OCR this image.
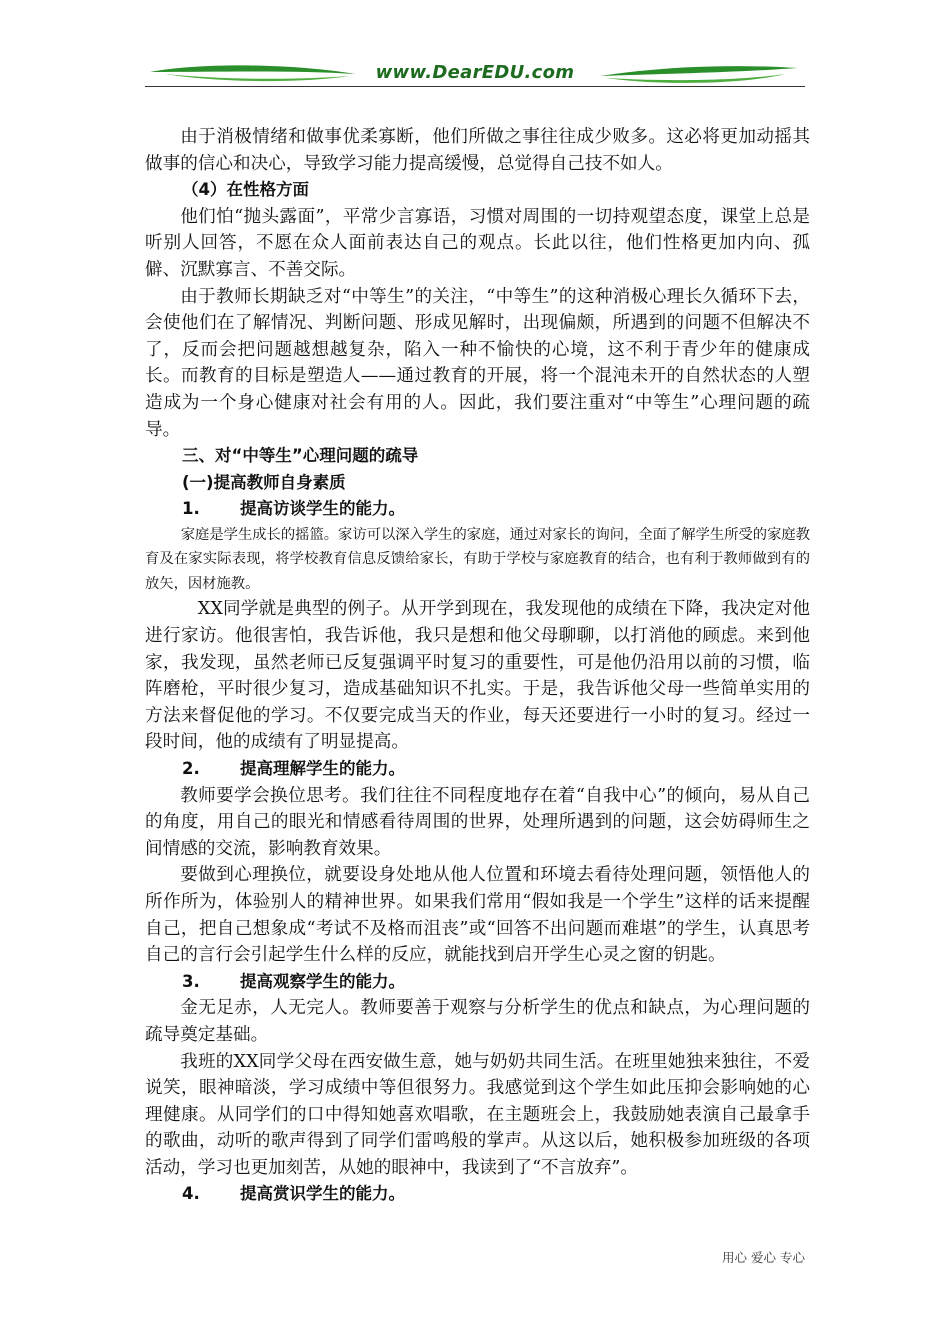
www.DearEDU.com

由于消极情绪和做事优柔寡断，他们所做之事往往成少败多。这必将更加动摇其做事的信心和决心，导致学习能力提高缓慢，总觉得自己技不如人。

（4）在性格方面

他们怕“抛头露面”，平常少言寡语，习惯对周围的一切持观望态度，课堂上总是听别人回答，不愿在众人面前表达自己的观点。长此以往，他们性格更加内向、孤僻、沉默寡言、不善交际。

由于教师长期缺乏对“中等生”的关注，“中等生”的这种消极心理长久循环下去，会使他们在了解情况、判断问题、形成见解时，出现偏颇，所遇到的问题不但解决不了，反而会把问题越想越复杂，陷入一种不愉快的心境，这不利于青少年的健康成长。而教育的目标是塑造人——通过教育的开展，将一个混沌未开的自然状态的人塑造成为一个身心健康对社会有用的人。因此，我们要注重对“中等生”心理问题的疏导。

三、对“中等生”心理问题的疏导

(一)提高教师自身素质

1. 提高访谈学生的能力。

家庭是学生成长的摇篮。家访可以深入学生的家庭，通过对家长的询问，全面了解学生所受的家庭教育及在家实际表现，将学校教育信息反馈给家长，有助于学校与家庭教育的结合，也有利于教师做到有的放矢，因材施教。

XX同学就是典型的例子。从开学到现在，我发现他的成绩在下降，我决定对他进行家访。他很害怕，我告诉他，我只是想和他父母聊聊，以打消他的顾虑。来到他家，我发现，虽然老师已反复强调平时复习的重要性，可是他仍沿用以前的习惯，临阵磨枪，平时很少复习，造成基础知识不扎实。于是，我告诉他父母一些简单实用的方法来督促他的学习。不仅要完成当天的作业，每天还要进行一小时的复习。经过一段时间，他的成绩有了明显提高。

2. 提高理解学生的能力。

教师要学会换位思考。我们往往不同程度地存在着“自我中心”的倾向，易从自己的角度，用自己的眼光和情感看待周围的世界，处理所遇到的问题，这会妨碍师生之间情感的交流，影响教育效果。

要做到心理换位，就要设身处地从他人位置和环境去看待处理问题，领悟他人的所作所为，体验别人的精神世界。如果我们常用“假如我是一个学生”这样的话来提醒自己，把自己想象成“考试不及格而沮丧”或“回答不出问题而难堪”的学生，认真思考自己的言行会引起学生什么样的反应，就能找到启开学生心灵之窗的钥匙。

3. 提高观察学生的能力。

金无足赤，人无完人。教师要善于观察与分析学生的优点和缺点，为心理问题的疏导奠定基础。

我班的XX同学父母在西安做生意，她与奶奶共同生活。在班里她独来独往，不爱说笑，眼神暗淡，学习成绩中等但很努力。我感觉到这个学生如此压抑会影响她的心理健康。从同学们的口中得知她喜欢唱歌，在主题班会上，我鼓励她表演自己最拿手的歌曲，动听的歌声得到了同学们雷鸣般的掌声。从这以后，她积极参加班级的各项活动，学习也更加刻苦，从她的眼神中，我读到了“不言放弃”。

4. 提高赏识学生的能力。

用心 爱心 专心
